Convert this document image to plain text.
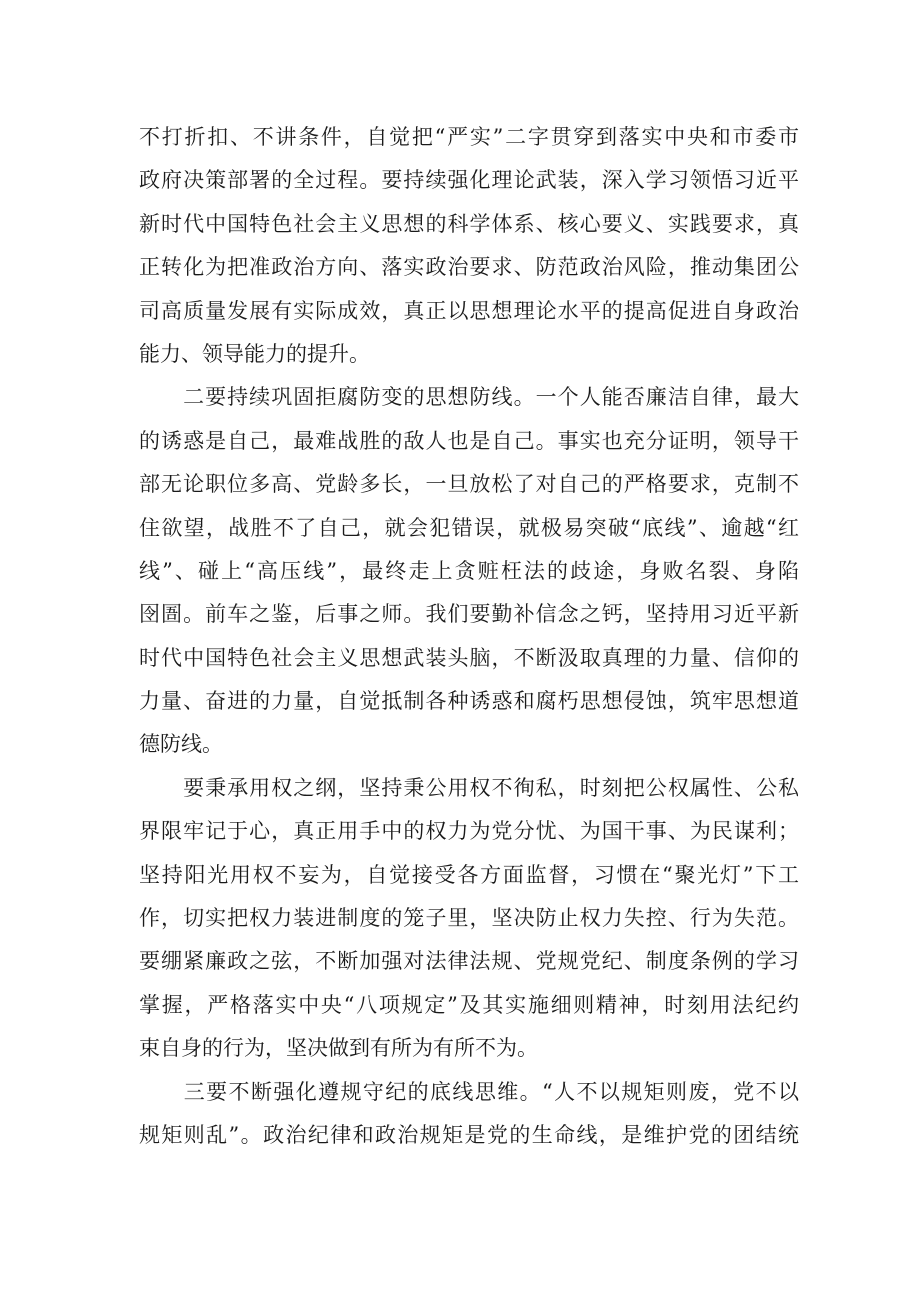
不打折扣、不讲条件，自觉把“严实”二字贯穿到落实中央和市委市
政府决策部署的全过程。要持续强化理论武装，深入学习领悟习近平
新时代中国特色社会主义思想的科学体系、核心要义、实践要求，真
正转化为把准政治方向、落实政治要求、防范政治风险，推动集团公
司高质量发展有实际成效，真正以思想理论水平的提高促进自身政治
能力、领导能力的提升。
　　二要持续巩固拒腐防变的思想防线。一个人能否廉洁自律，最大
的诱惑是自己，最难战胜的敌人也是自己。事实也充分证明，领导干
部无论职位多高、党龄多长，一旦放松了对自己的严格要求，克制不
住欲望，战胜不了自己，就会犯错误，就极易突破“底线”、逾越“红
线”、碰上“高压线”，最终走上贪赃枉法的歧途，身败名裂、身陷
囹圄。前车之鉴，后事之师。我们要勤补信念之钙，坚持用习近平新
时代中国特色社会主义思想武装头脑，不断汲取真理的力量、信仰的
力量、奋进的力量，自觉抵制各种诱惑和腐朽思想侵蚀，筑牢思想道
德防线。
　　要秉承用权之纲，坚持秉公用权不徇私，时刻把公权属性、公私
界限牢记于心，真正用手中的权力为党分忧、为国干事、为民谋利；
坚持阳光用权不妄为，自觉接受各方面监督，习惯在“聚光灯”下工
作，切实把权力装进制度的笼子里，坚决防止权力失控、行为失范。
要绷紧廉政之弦，不断加强对法律法规、党规党纪、制度条例的学习
掌握，严格落实中央“八项规定”及其实施细则精神，时刻用法纪约
束自身的行为，坚决做到有所为有所不为。
　　三要不断强化遵规守纪的底线思维。“人不以规矩则废，党不以
规矩则乱”。政治纪律和政治规矩是党的生命线，是维护党的团结统
